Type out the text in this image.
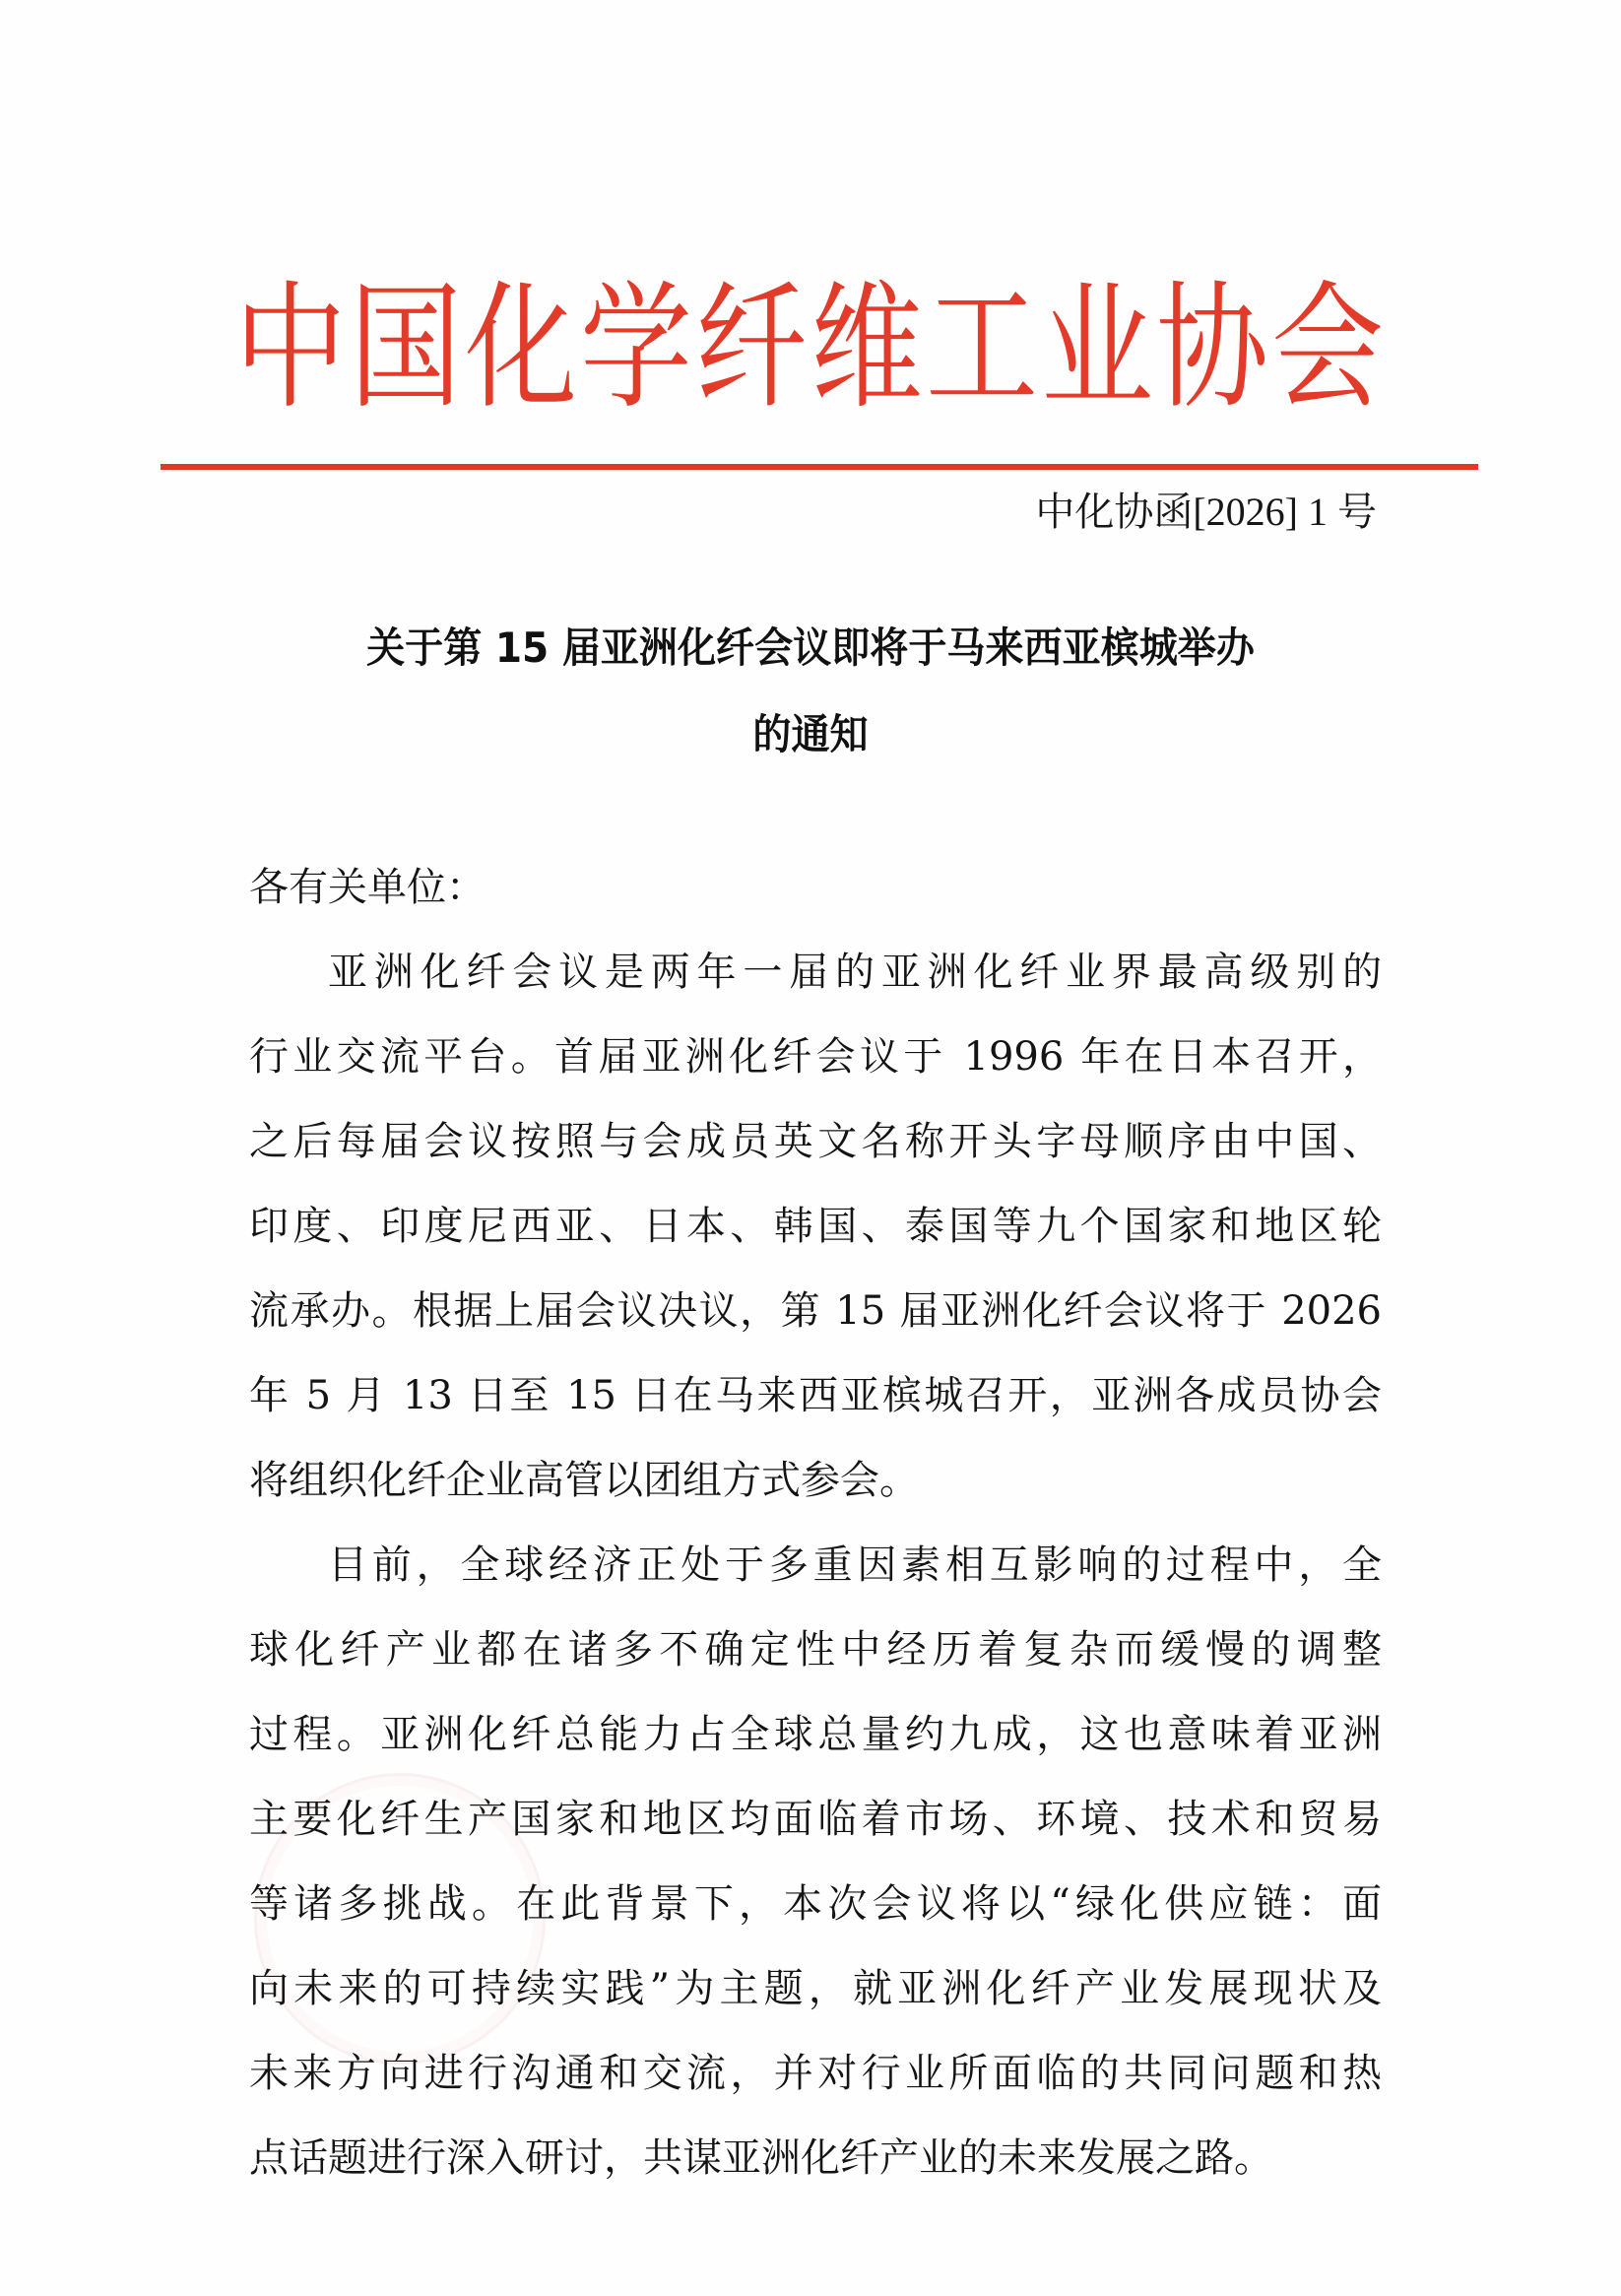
中国化学纤维工业协会
中化协函[2026] 1 号
关于第 15 届亚洲化纤会议即将于马来西亚槟城举办
的通知

各有关单位：

亚洲化纤会议是两年一届的亚洲化纤业界最高级别的
行业交流平台。首届亚洲化纤会议于 1996 年在日本召开，
之后每届会议按照与会成员英文名称开头字母顺序由中国、
印度、印度尼西亚、日本、韩国、泰国等九个国家和地区轮
流承办。根据上届会议决议，第 15 届亚洲化纤会议将于 2026
年 5 月 13 日至 15 日在马来西亚槟城召开，亚洲各成员协会
将组织化纤企业高管以团组方式参会。
目前，全球经济正处于多重因素相互影响的过程中，全
球化纤产业都在诸多不确定性中经历着复杂而缓慢的调整
过程。亚洲化纤总能力占全球总量约九成，这也意味着亚洲
主要化纤生产国家和地区均面临着市场、环境、技术和贸易
等诸多挑战。在此背景下，本次会议将以“绿化供应链：面
向未来的可持续实践”为主题，就亚洲化纤产业发展现状及
未来方向进行沟通和交流，并对行业所面临的共同问题和热
点话题进行深入研讨，共谋亚洲化纤产业的未来发展之路。
